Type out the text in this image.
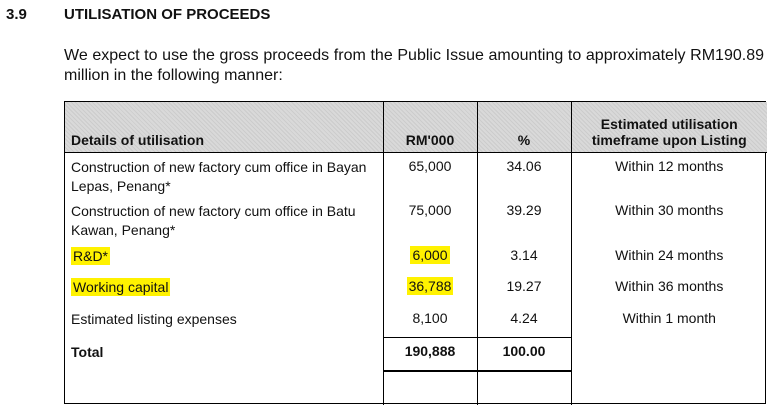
3.9 UTILISATION OF PROCEEDS
We expect to use the gross proceeds from the Public Issue amounting to approximately RM190.89 million in the following manner:
Details of utilisation	RM'000	%	Estimated utilisation timeframe upon Listing
Construction of new factory cum office in Bayan Lepas, Penang*	65,000	34.06	Within 12 months
Construction of new factory cum office in Batu Kawan, Penang*	75,000	39.29	Within 30 months
R&D*	6,000	3.14	Within 24 months
Working capital	36,788	19.27	Within 36 months
Estimated listing expenses	8,100	4.24	Within 1 month
Total	190,888	100.00	
